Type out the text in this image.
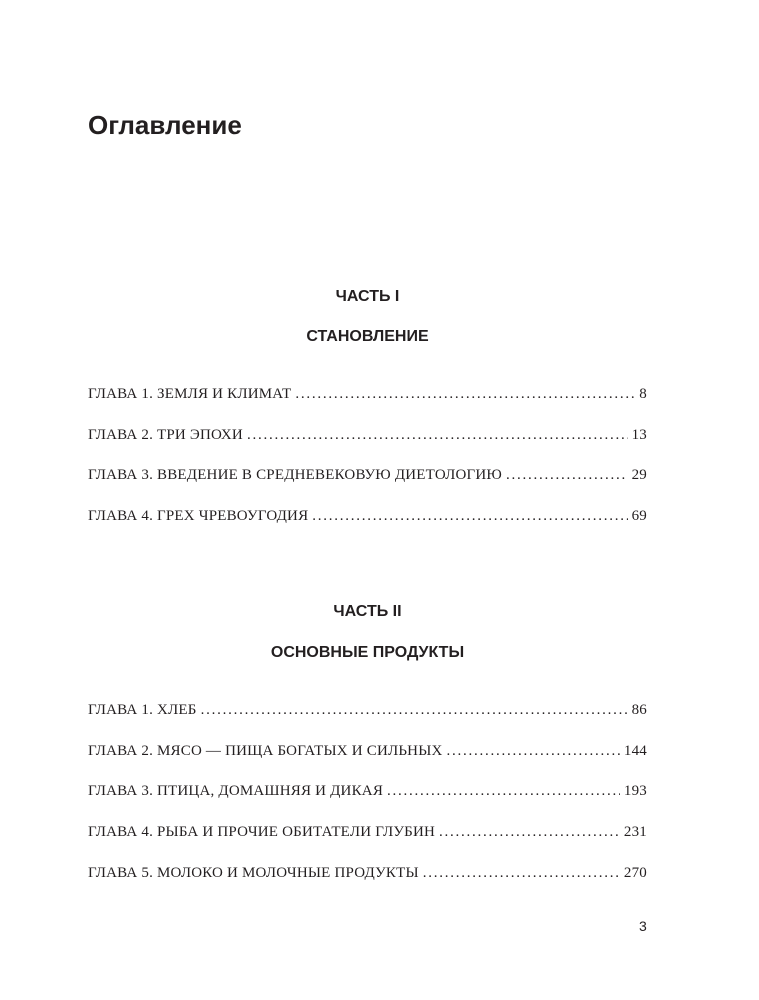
Оглавление
ЧАСТЬ I
СТАНОВЛЕНИЕ
ГЛАВА 1. ЗЕМЛЯ И КЛИМАТ . . .	8
ГЛАВА 2. ТРИ ЭПОХИ . . .	13
ГЛАВА 3. ВВЕДЕНИЕ В СРЕДНЕВЕКОВУЮ ДИЕТОЛОГИЮ . . .	29
ГЛАВА 4. ГРЕХ ЧРЕВОУГОДИЯ . . .	69
ЧАСТЬ II
ОСНОВНЫЕ ПРОДУКТЫ
ГЛАВА 1. ХЛЕБ . . .	86
ГЛАВА 2. МЯСО — ПИЩА БОГАТЫХ И СИЛЬНЫХ . . .	144
ГЛАВА 3. ПТИЦА, ДОМАШНЯЯ И ДИКАЯ . . .	193
ГЛАВА 4. РЫБА И ПРОЧИЕ ОБИТАТЕЛИ ГЛУБИН . . .	231
ГЛАВА 5. МОЛОКО И МОЛОЧНЫЕ ПРОДУКТЫ . . .	270
3
